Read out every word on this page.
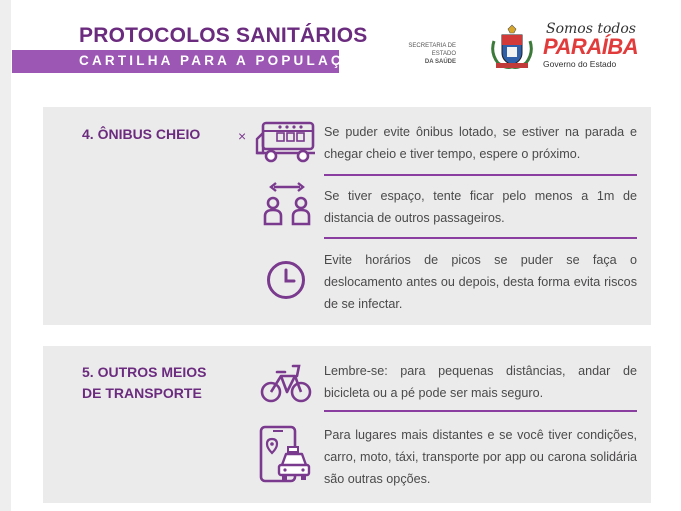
PROTOCOLOS SANITÁRIOS
CARTILHA PARA A POPULAÇÃO
SECRETARIA DE ESTADO
DA SAÚDE
Somos todos
PARAÍBA
Governo do Estado
4. ÔNIBUS CHEIO	×	Se puder evite ônibus lotado, se estiver na parada e chegar cheio e tiver tempo, espere o próximo.
Se tiver espaço, tente ficar pelo menos a 1m de distancia de outros passageiros.
Evite horários de picos se puder se faça o deslocamento antes ou depois, desta forma evita riscos de se infectar.
5. OUTROS MEIOS
DE TRANSPORTE
Lembre-se: para pequenas distâncias, andar de bicicleta ou a pé pode ser mais seguro.
Para lugares mais distantes e se você tiver condições, carro, moto, táxi, transporte por app ou carona solidária são outras opções.
